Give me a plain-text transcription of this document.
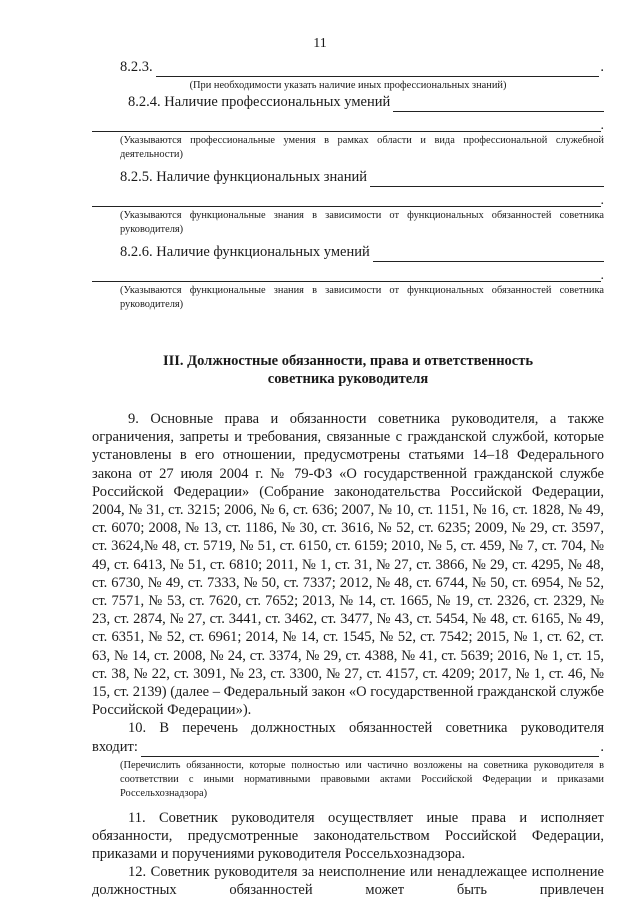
11
8.2.3.	.

(При необходимости указать наличие иных профессиональных знаний)

8.2.4. Наличие профессиональных умений
.

(Указываются профессиональные умения в рамках области и вида профессиональной служебной деятельности)

8.2.5. Наличие функциональных знаний
.

(Указываются функциональные знания в зависимости от функциональных обязанностей советника руководителя)

8.2.6. Наличие функциональных умений
.

(Указываются функциональные знания в зависимости от функциональных обязанностей советника руководителя)

III. Должностные обязанности, права и ответственность
советника руководителя

9. Основные права и обязанности советника руководителя, а также ограничения, запреты и требования, связанные с гражданской службой, которые установлены в его отношении, предусмотрены статьями 14–18 Федерального закона от 27 июля 2004 г. № 79-ФЗ «О государственной гражданской службе Российской Федерации» (Собрание законодательства Российской Федерации, 2004, № 31, ст. 3215; 2006, № 6, ст. 636; 2007, № 10, ст. 1151, № 16, ст. 1828, № 49, ст. 6070; 2008, № 13, ст. 1186, № 30, ст. 3616, № 52, ст. 6235; 2009, № 29, ст. 3597, ст. 3624,№ 48, ст. 5719, № 51, ст. 6150, ст. 6159; 2010, № 5, ст. 459, № 7, ст. 704, № 49, ст. 6413, № 51, ст. 6810; 2011, № 1, ст. 31, № 27, ст. 3866, № 29, ст. 4295, № 48, ст. 6730, № 49, ст. 7333, № 50, ст. 7337; 2012, № 48, ст. 6744, № 50, ст. 6954, № 52, ст. 7571, № 53, ст. 7620, ст. 7652; 2013, № 14, ст. 1665, № 19, ст. 2326, ст. 2329, № 23, ст. 2874, № 27, ст. 3441, ст. 3462, ст. 3477, № 43, ст. 5454, № 48, ст. 6165, № 49, ст. 6351, № 52, ст. 6961; 2014, № 14, ст. 1545, № 52, ст. 7542; 2015, № 1, ст. 62, ст. 63, № 14, ст. 2008, № 24, ст. 3374, № 29, ст. 4388, № 41, ст. 5639; 2016, № 1, ст. 15, ст. 38, № 22, ст. 3091, № 23, ст. 3300, № 27, ст. 4157, ст. 4209; 2017, № 1, ст. 46, № 15, ст. 2139) (далее – Федеральный закон «О государственной гражданской службе Российской Федерации»).

10. В перечень должностных обязанностей советника руководителя

входит:	.

(Перечислить обязанности, которые полностью или частично возложены на советника руководителя в соответствии с иными нормативными правовыми актами Российской Федерации и приказами Россельхознадзора)

11. Советник руководителя осуществляет иные права и исполняет обязанности, предусмотренные законодательством Российской Федерации, приказами и поручениями руководителя Россельхознадзора.

12. Советник руководителя за неисполнение или ненадлежащее исполнение должностных обязанностей может быть привлечен
